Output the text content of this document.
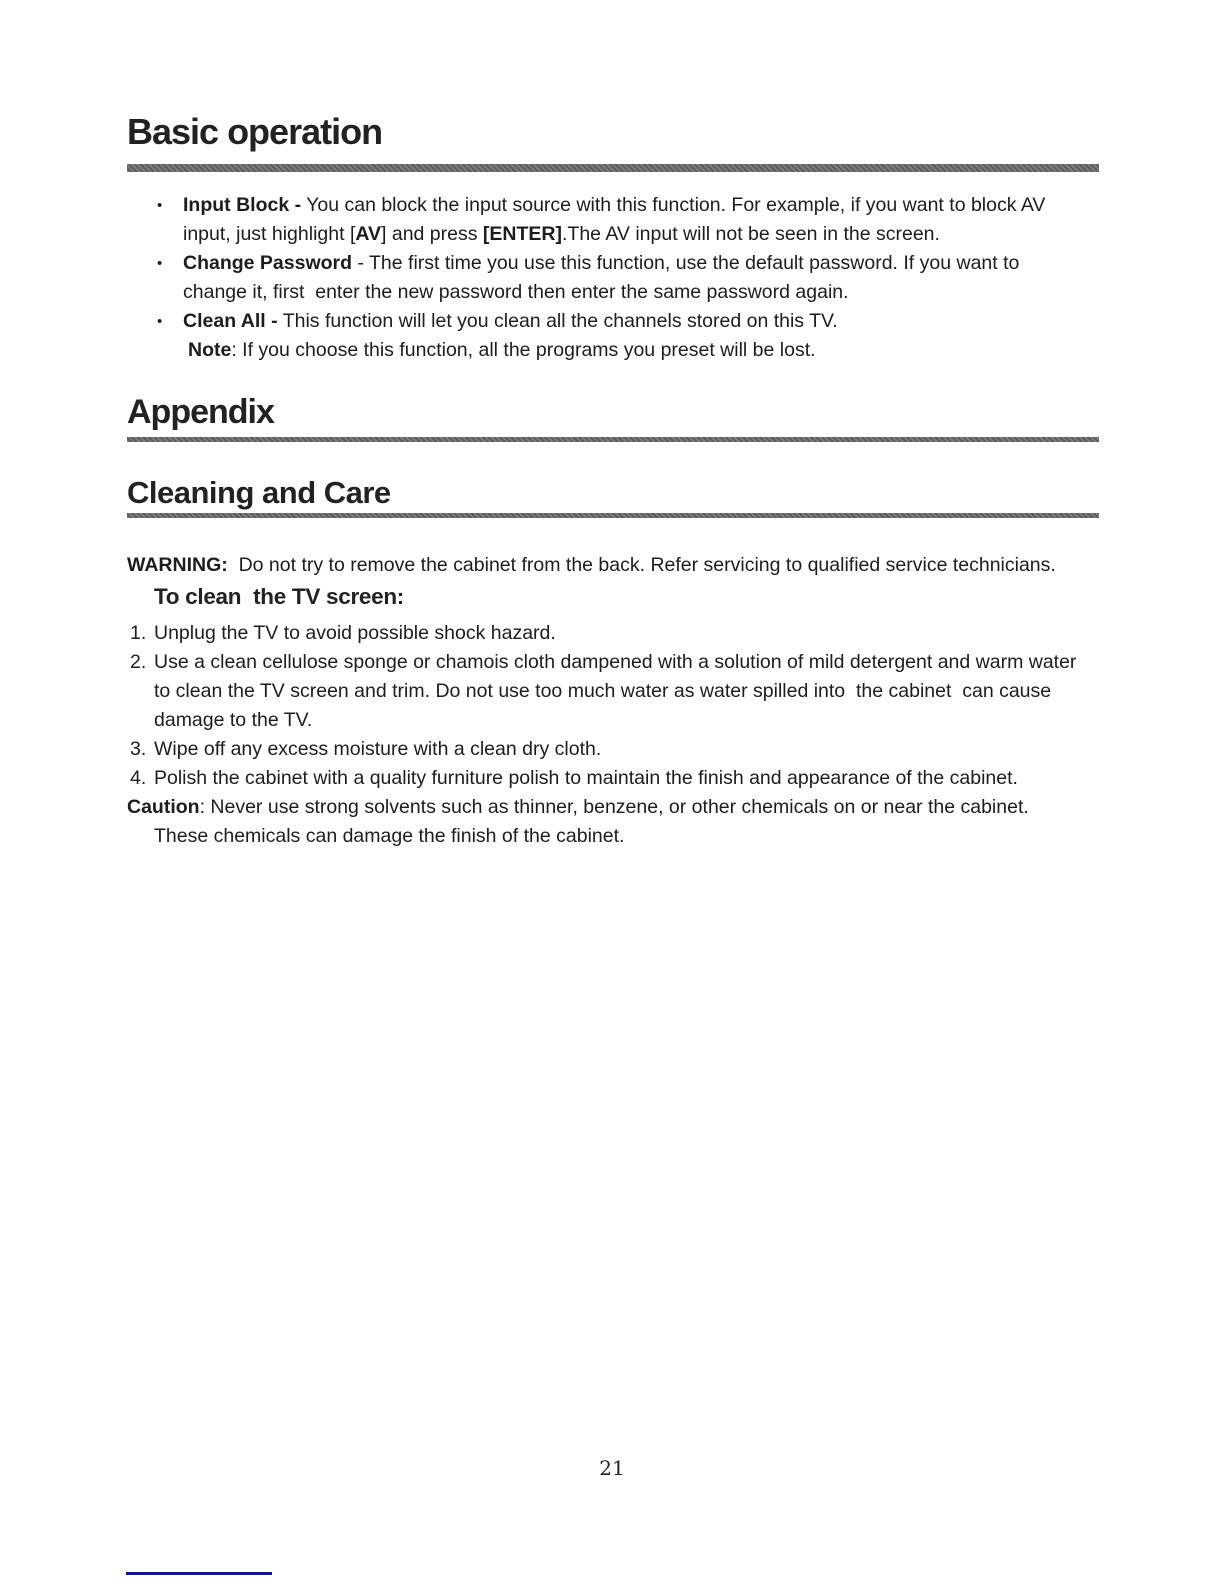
Basic operation
• Input Block - You can block the input source with this function. For example, if you want to block AV
input, just highlight [AV] and press [ENTER].The AV input will not be seen in the screen.
• Change Password - The first time you use this function, use the default password. If you want to
change it, first  enter the new password then enter the same password again.
• Clean All - This function will let you clean all the channels stored on this TV.
Note: If you choose this function, all the programs you preset will be lost.
Appendix
Cleaning and Care
WARNING:  Do not try to remove the cabinet from the back. Refer servicing to qualified service technicians.
To clean  the TV screen:
1. Unplug the TV to avoid possible shock hazard.
2. Use a clean cellulose sponge or chamois cloth dampened with a solution of mild detergent and warm water
to clean the TV screen and trim. Do not use too much water as water spilled into  the cabinet  can cause
damage to the TV.
3. Wipe off any excess moisture with a clean dry cloth.
4. Polish the cabinet with a quality furniture polish to maintain the finish and appearance of the cabinet.
Caution: Never use strong solvents such as thinner, benzene, or other chemicals on or near the cabinet.
These chemicals can damage the finish of the cabinet.
21
